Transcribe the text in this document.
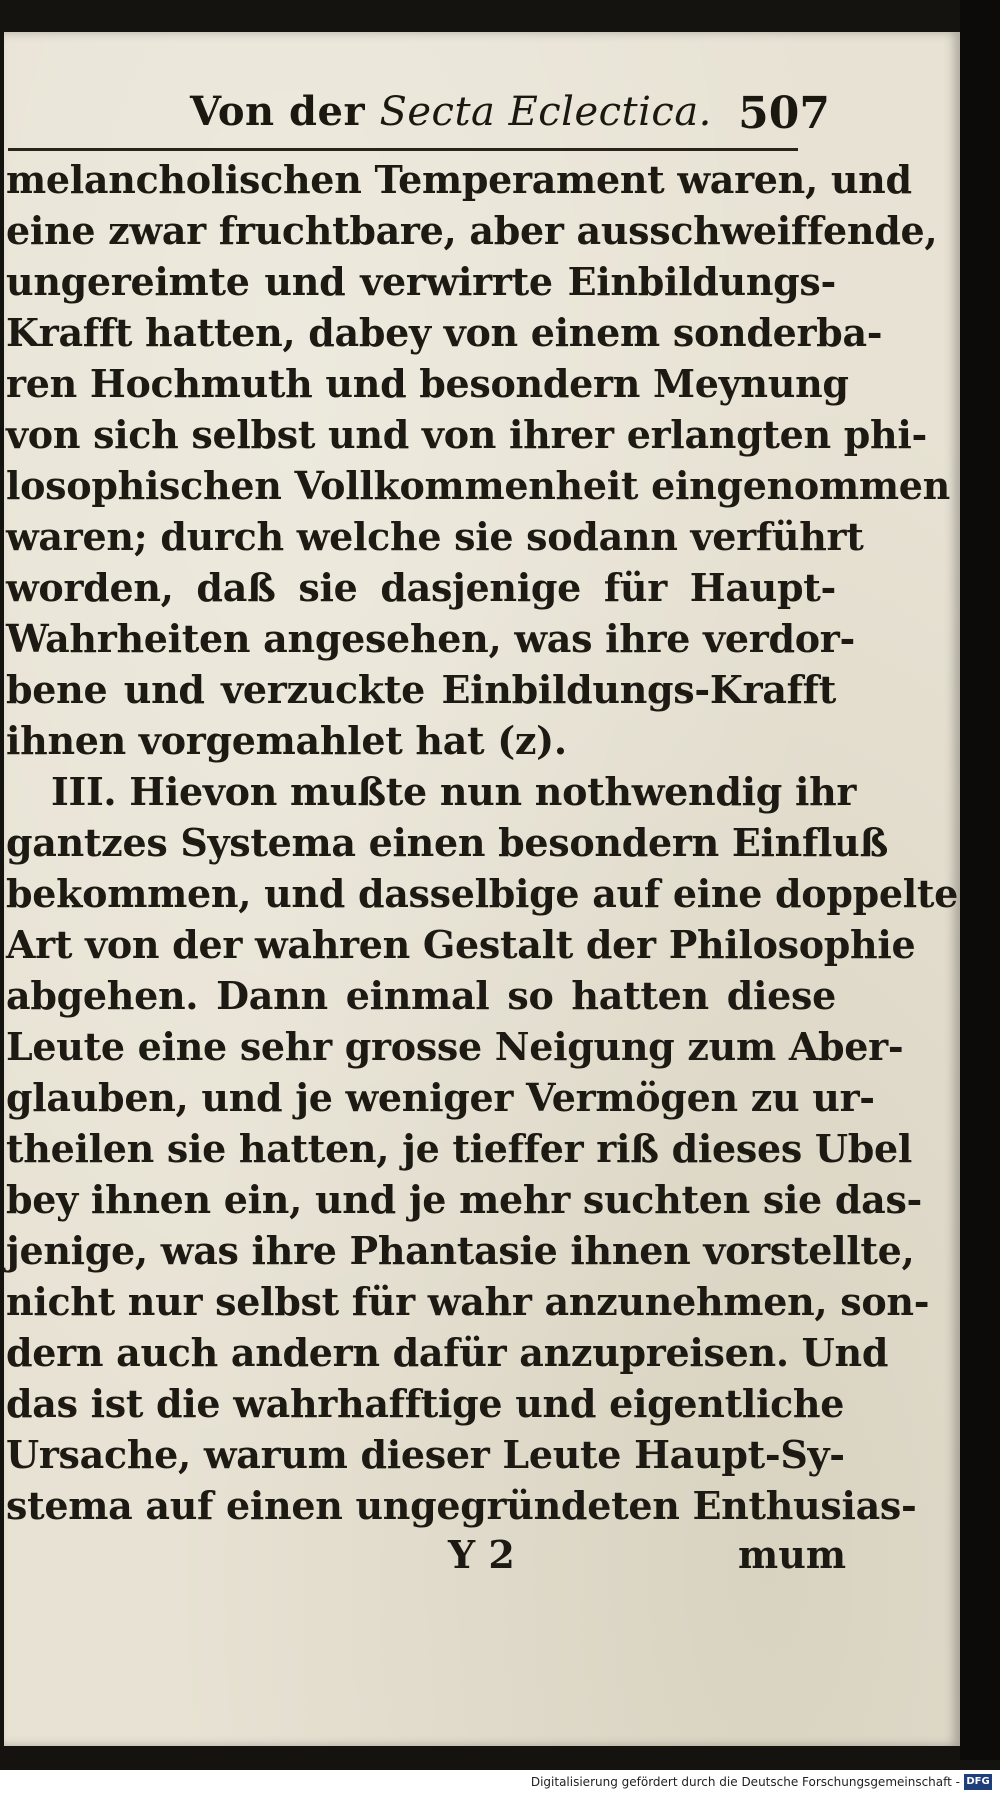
Von der Secta Eclectica. 507
melancholischen Temperament waren, und
eine zwar fruchtbare, aber ausschweiffende,
ungereimte und verwirrte Einbildungs-
Krafft hatten, dabey von einem sonderba-
ren Hochmuth und besondern Meynung
von sich selbst und von ihrer erlangten phi-
losophischen Vollkommenheit eingenommen
waren; durch welche sie sodann verführt
worden, daß sie dasjenige für Haupt-
Wahrheiten angesehen, was ihre verdor-
bene und verzuckte Einbildungs-Krafft
ihnen vorgemahlet hat (z).
III. Hievon mußte nun nothwendig ihr
gantzes Systema einen besondern Einfluß
bekommen, und dasselbige auf eine doppelte
Art von der wahren Gestalt der Philosophie
abgehen. Dann einmal so hatten diese
Leute eine sehr grosse Neigung zum Aber-
glauben, und je weniger Vermögen zu ur-
theilen sie hatten, je tieffer riß dieses Ubel
bey ihnen ein, und je mehr suchten sie das-
jenige, was ihre Phantasie ihnen vorstellte,
nicht nur selbst für wahr anzunehmen, son-
dern auch andern dafür anzupreisen. Und
das ist die wahrhafftige und eigentliche
Ursache, warum dieser Leute Haupt-Sy-
stema auf einen ungegründeten Enthusias-
Y 2	mum
Digitalisierung gefördert durch die Deutsche Forschungsgemeinschaft - DFG
